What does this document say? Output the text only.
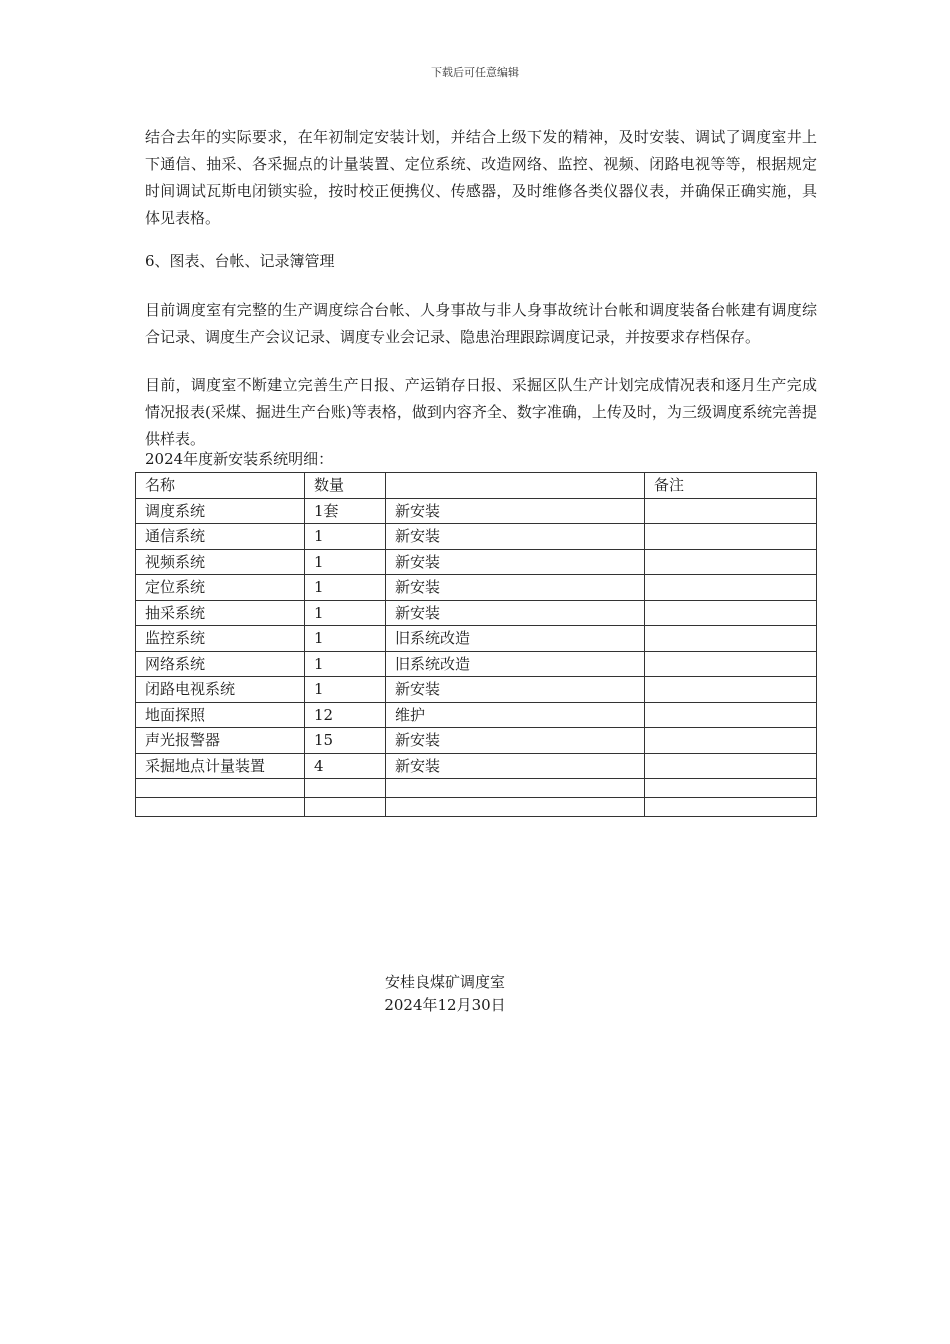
下载后可任意编辑

结合去年的实际要求，在年初制定安装计划，并结合上级下发的精神，及时安装、调试了调度室井上下通信、抽采、各采掘点的计量装置、定位系统、改造网络、监控、视频、闭路电视等等，根据规定时间调试瓦斯电闭锁实验，按时校正便携仪、传感器，及时维修各类仪器仪表，并确保正确实施，具体见表格。

6、图表、台帐、记录簿管理

目前调度室有完整的生产调度综合台帐、人身事故与非人身事故统计台帐和调度装备台帐建有调度综合记录、调度生产会议记录、调度专业会记录、隐患治理跟踪调度记录，并按要求存档保存。

目前，调度室不断建立完善生产日报、产运销存日报、采掘区队生产计划完成情况表和逐月生产完成情况报表(采煤、掘进生产台账)等表格，做到内容齐全、数字准确，上传及时，为三级调度系统完善提供样表。

2024年度新安装系统明细：
名称	数量		备注
调度系统	1套	新安装	
通信系统	1	新安装	
视频系统	1	新安装	
定位系统	1	新安装	
抽采系统	1	新安装	
监控系统	1	旧系统改造	
网络系统	1	旧系统改造	
闭路电视系统	1	新安装	
地面探照	12	维护	
声光报警器	15	新安装	
采掘地点计量装置	4	新安装	

安桂良煤矿调度室
2024年12月30日
